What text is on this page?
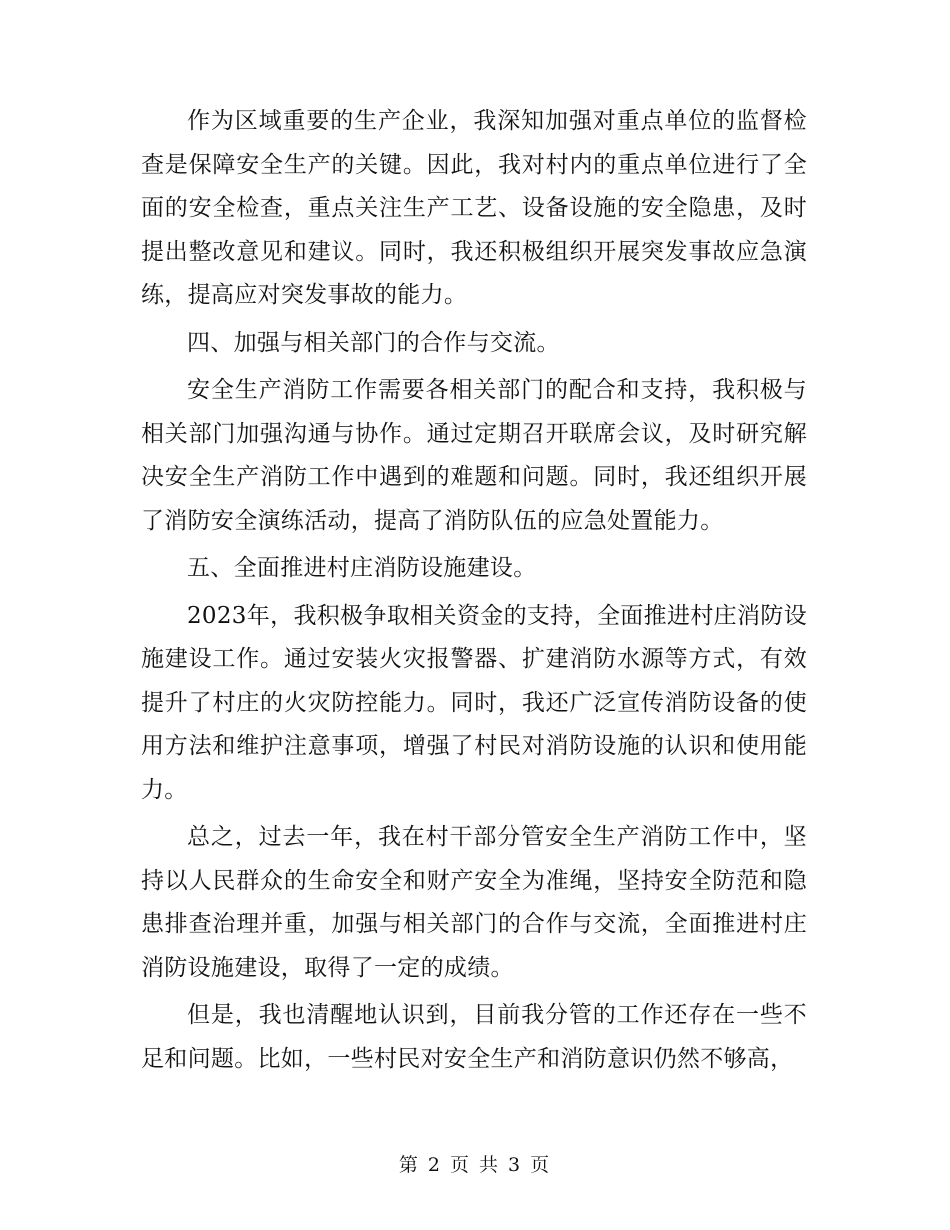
作为区域重要的生产企业，我深知加强对重点单位的监督检查是保障安全生产的关键。因此，我对村内的重点单位进行了全面的安全检查，重点关注生产工艺、设备设施的安全隐患，及时提出整改意见和建议。同时，我还积极组织开展突发事故应急演练，提高应对突发事故的能力。

四、加强与相关部门的合作与交流。

安全生产消防工作需要各相关部门的配合和支持，我积极与相关部门加强沟通与协作。通过定期召开联席会议，及时研究解决安全生产消防工作中遇到的难题和问题。同时，我还组织开展了消防安全演练活动，提高了消防队伍的应急处置能力。

五、全面推进村庄消防设施建设。

2023年，我积极争取相关资金的支持，全面推进村庄消防设施建设工作。通过安装火灾报警器、扩建消防水源等方式，有效提升了村庄的火灾防控能力。同时，我还广泛宣传消防设备的使用方法和维护注意事项，增强了村民对消防设施的认识和使用能力。

总之，过去一年，我在村干部分管安全生产消防工作中，坚持以人民群众的生命安全和财产安全为准绳，坚持安全防范和隐患排查治理并重，加强与相关部门的合作与交流，全面推进村庄消防设施建设，取得了一定的成绩。

但是，我也清醒地认识到，目前我分管的工作还存在一些不足和问题。比如，一些村民对安全生产和消防意识仍然不够高，

第 2 页 共 3 页
